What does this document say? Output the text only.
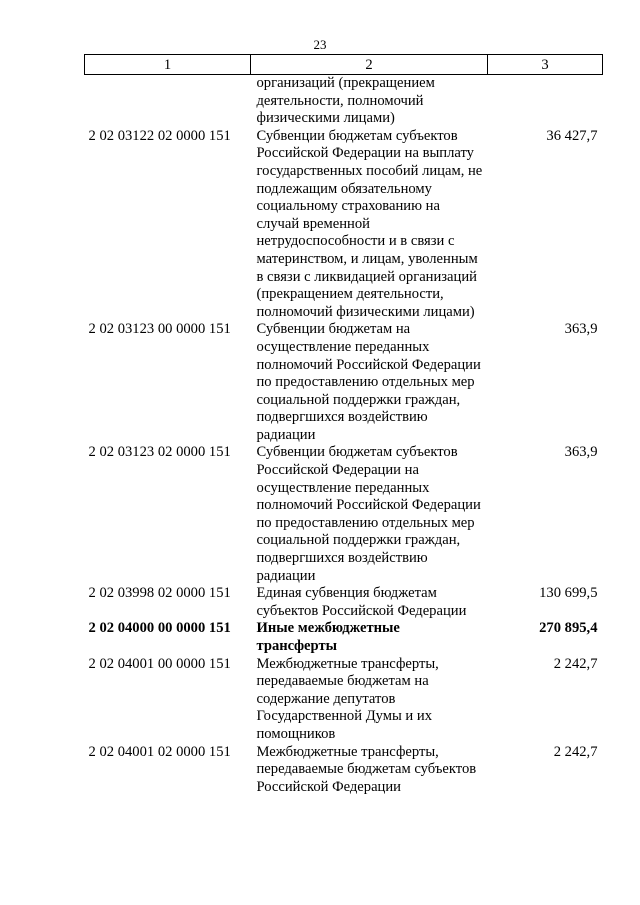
23
1	2	3
	организаций (прекращением деятельности, полномочий физическими лицами)	
2 02 03122 02 0000 151	Субвенции бюджетам субъектов Российской Федерации на выплату государственных пособий лицам, не подлежащим обязательному социальному страхованию на случай временной нетрудоспособности и в связи с материнством, и лицам, уволенным в связи с ликвидацией организаций (прекращением деятельности, полномочий физическими лицами)	36 427,7
2 02 03123 00 0000 151	Субвенции бюджетам на осуществление переданных полномочий Российской Федерации по предоставлению отдельных мер социальной поддержки граждан, подвергшихся воздействию радиации	363,9
2 02 03123 02 0000 151	Субвенции бюджетам субъектов Российской Федерации на осуществление переданных полномочий Российской Федерации по предоставлению отдельных мер социальной поддержки граждан, подвергшихся воздействию радиации	363,9
2 02 03998 02 0000 151	Единая субвенция бюджетам субъектов Российской Федерации	130 699,5
2 02 04000 00 0000 151	Иные межбюджетные трансферты	270 895,4
2 02 04001 00 0000 151	Межбюджетные трансферты, передаваемые бюджетам на содержание депутатов Государственной Думы и их помощников	2 242,7
2 02 04001 02 0000 151	Межбюджетные трансферты, передаваемые бюджетам субъектов Российской Федерации	2 242,7
